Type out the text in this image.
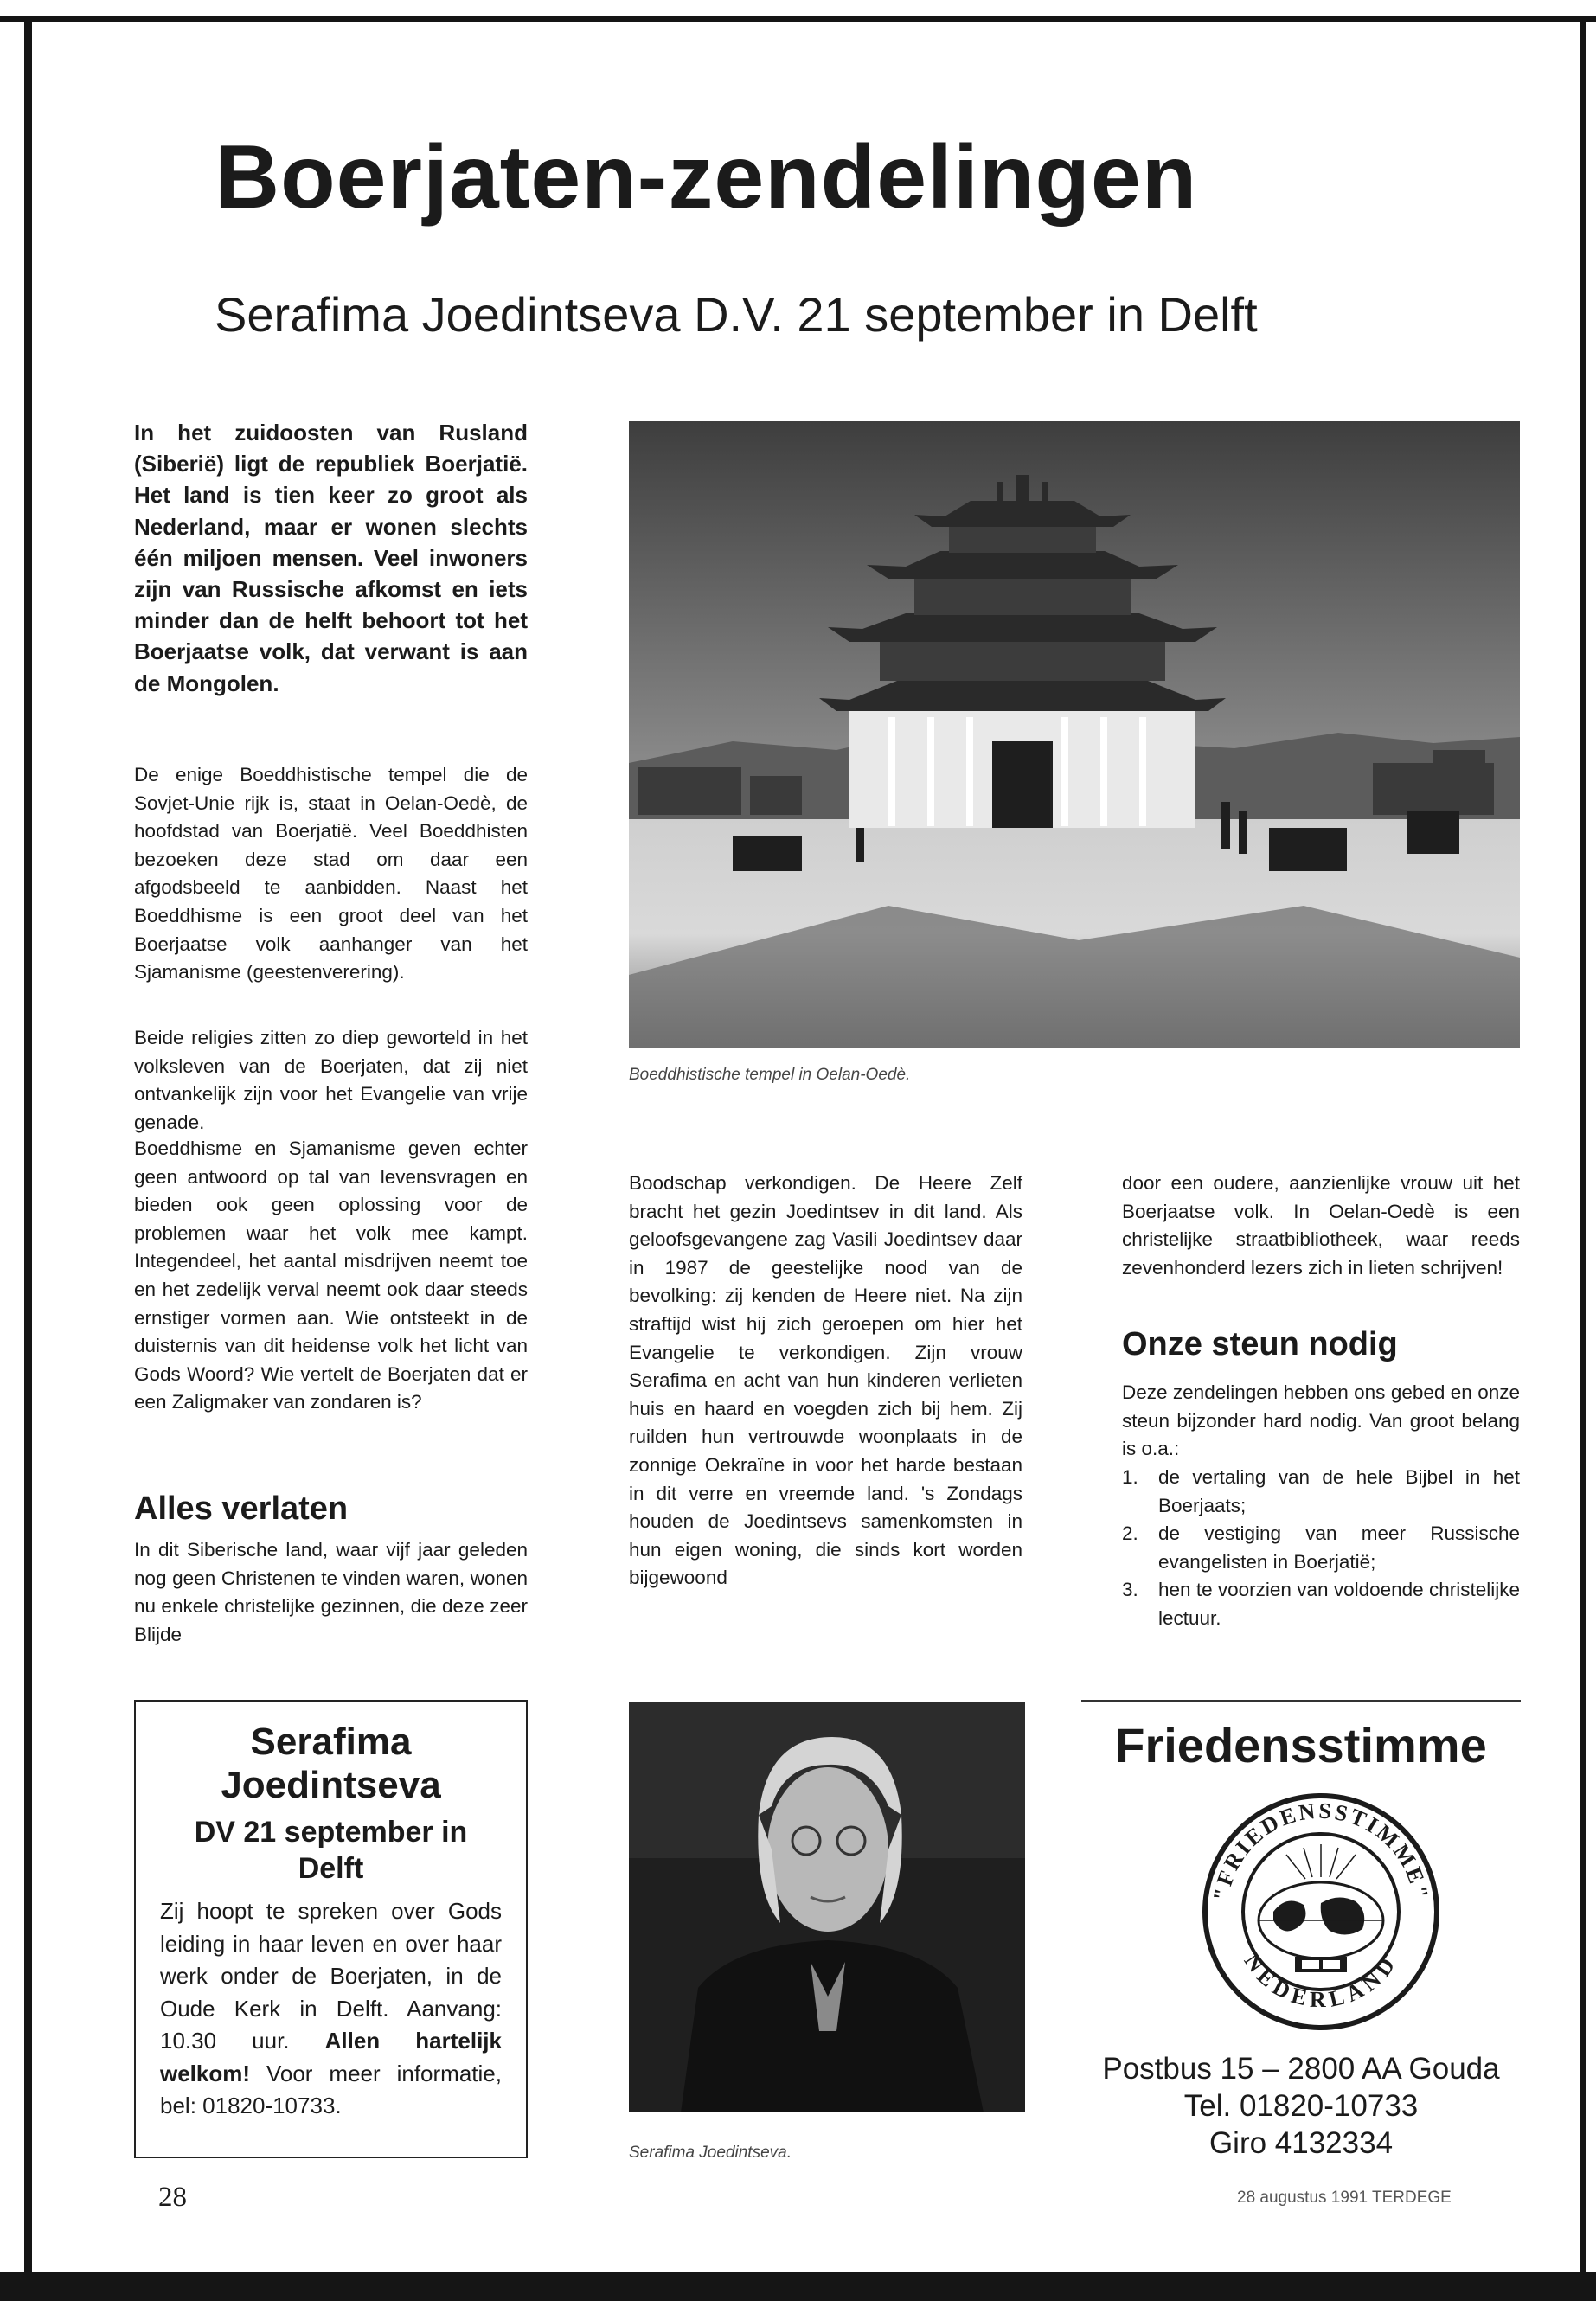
Boerjaten-zendelingen
Serafima Joedintseva D.V. 21 september in Delft

In het zuidoosten van Rusland (Siberië) ligt de republiek Boerjatië. Het land is tien keer zo groot als Nederland, maar er wonen slechts één miljoen mensen. Veel inwoners zijn van Russische afkomst en iets minder dan de helft behoort tot het Boerjaatse volk, dat verwant is aan de Mongolen.

De enige Boeddhistische tempel die de Sovjet-Unie rijk is, staat in Oelan-Oedè, de hoofdstad van Boerjatië. Veel Boeddhisten bezoeken deze stad om daar een afgodsbeeld te aanbidden. Naast het Boeddhisme is een groot deel van het Boerjaatse volk aanhanger van het Sjamanisme (geestenverering).

Beide religies zitten zo diep geworteld in het volksleven van de Boerjaten, dat zij niet ontvankelijk zijn voor het Evangelie van vrije genade.

Boeddhisme en Sjamanisme geven echter geen antwoord op tal van levensvragen en bieden ook geen oplossing voor de problemen waar het volk mee kampt. Integendeel, het aantal misdrijven neemt toe en het zedelijk verval neemt ook daar steeds ernstiger vormen aan. Wie ontsteekt in de duisternis van dit heidense volk het licht van Gods Woord? Wie vertelt de Boerjaten dat er een Zaligmaker van zondaren is?

Alles verlaten

In dit Siberische land, waar vijf jaar geleden nog geen Christenen te vinden waren, wonen nu enkele christelijke gezinnen, die deze zeer Blijde

Boeddhistische tempel in Oelan-Oedè.

Boodschap verkondigen. De Heere Zelf bracht het gezin Joedintsev in dit land. Als geloofsgevangene zag Vasili Joedintsev daar in 1987 de geestelijke nood van de bevolking: zij kenden de Heere niet. Na zijn straftijd wist hij zich geroepen om hier het Evangelie te verkondigen. Zijn vrouw Serafima en acht van hun kinderen verlieten huis en haard en voegden zich bij hem. Zij ruilden hun vertrouwde woonplaats in de zonnige Oekraïne in voor het harde bestaan in dit verre en vreemde land. 's Zondags houden de Joedintsevs samenkomsten in hun eigen woning, die sinds kort worden bijgewoond

door een oudere, aanzienlijke vrouw uit het Boerjaatse volk. In Oelan-Oedè is een christelijke straatbibliotheek, waar reeds zevenhonderd lezers zich in lieten schrijven!

Onze steun nodig

Deze zendelingen hebben ons gebed en onze steun bijzonder hard nodig. Van groot belang is o.a.:

1. de vertaling van de hele Bijbel in het Boerjaats;
2. de vestiging van meer Russische evangelisten in Boerjatië;
3. hen te voorzien van voldoende christelijke lectuur.

Serafima Joedintseva

DV 21 september in Delft

Zij hoopt te spreken over Gods leiding in haar leven en over haar werk onder de Boerjaten, in de Oude Kerk in Delft. Aanvang: 10.30 uur. Allen hartelijk welkom! Voor meer informatie, bel: 01820-10733.

Serafima Joedintseva.

Friedensstimme
"FRIEDENSSTIMME"
NEDERLAND

Postbus 15 – 2800 AA Gouda
Tel. 01820-10733
Giro 4132334

28	28 augustus 1991 TERDEGE
